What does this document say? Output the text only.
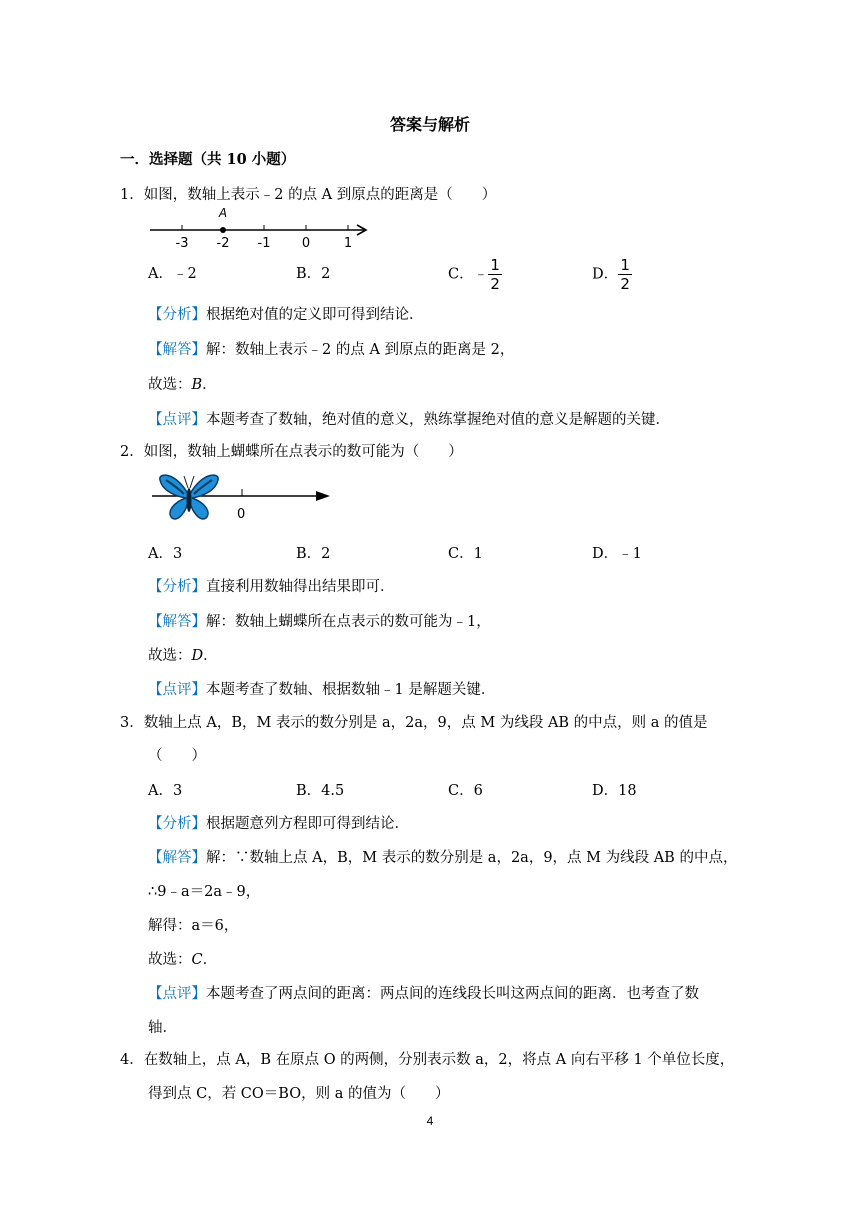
答案与解析
一．选择题（共 10 小题）
1．如图，数轴上表示﹣2 的点 A 到原点的距离是（　　）
A
-3 -2 -1 0	1
A．﹣2	B．2	C．﹣ $\frac{1}{2}$	D． $\frac{1}{2}$
【分析】根据绝对值的定义即可得到结论．
【解答】解：数轴上表示﹣2 的点 A 到原点的距离是 2，
故选：B．
【点评】本题考查了数轴，绝对值的意义，熟练掌握绝对值的意义是解题的关键．
2．如图，数轴上蝴蝶所在点表示的数可能为（　　）
0
A．3	B．2	C．1	D．﹣1
【分析】直接利用数轴得出结果即可．
【解答】解：数轴上蝴蝶所在点表示的数可能为﹣1，
故选：D．
【点评】本题考查了数轴、根据数轴﹣1 是解题关键．
3．数轴上点 A，B，M 表示的数分别是 a，2a，9，点 M 为线段 AB 的中点，则 a 的值是
（　　）
A．3	B．4.5	C．6	D．18
【分析】根据题意列方程即可得到结论．
【解答】解：∵数轴上点 A，B，M 表示的数分别是 a，2a，9，点 M 为线段 AB 的中点，
∴9﹣a＝2a﹣9，
解得：a＝6，
故选：C．
【点评】本题考查了两点间的距离：两点间的连线段长叫这两点间的距离．也考查了数
轴．
4．在数轴上，点 A，B 在原点 O 的两侧，分别表示数 a，2，将点 A 向右平移 1 个单位长度，
得到点 C，若 CO＝BO，则 a 的值为（　　）
4
